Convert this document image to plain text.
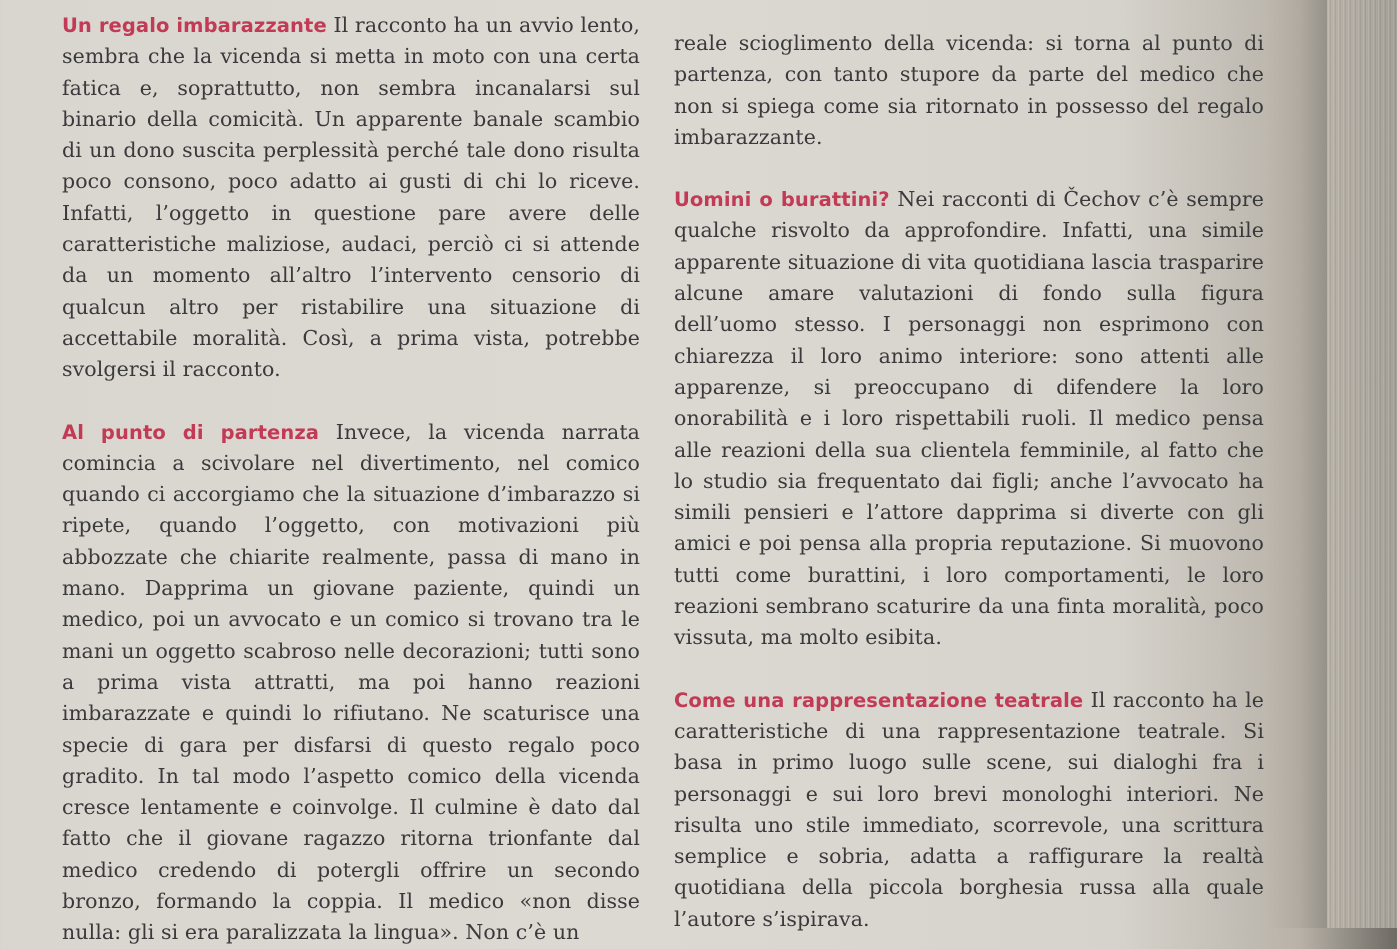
Un regalo imbarazzante Il racconto ha un avvio lento, sembra che la vicenda si metta in moto con una certa fatica e, soprattutto, non sembra incanalarsi sul binario della comicità. Un apparente banale scambio di un dono suscita perplessità perché tale dono risulta poco consono, poco adatto ai gusti di chi lo riceve. Infatti, l’oggetto in questione pare avere delle caratteristiche maliziose, audaci, perciò ci si attende da un momento all’altro l’intervento censorio di qualcun altro per ristabilire una situazione di accettabile moralità. Così, a prima vista, potrebbe svolgersi il racconto.

Al punto di partenza Invece, la vicenda narrata comincia a scivolare nel divertimento, nel comico quando ci accorgiamo che la situazione d’imbarazzo si ripete, quando l’oggetto, con motivazioni più abbozzate che chiarite realmente, passa di mano in mano. Dapprima un giovane paziente, quindi un medico, poi un avvocato e un comico si trovano tra le mani un oggetto scabroso nelle decorazioni; tutti sono a prima vista attratti, ma poi hanno reazioni imbarazzate e quindi lo rifiutano. Ne scaturisce una specie di gara per disfarsi di questo regalo poco gradito. In tal modo l’aspetto comico della vicenda cresce lentamente e coinvolge. Il culmine è dato dal fatto che il giovane ragazzo ritorna trionfante dal medico credendo di potergli offrire un secondo bronzo, formando la coppia. Il medico «non disse nulla: gli si era paralizzata la lingua». Non c’è un

reale scioglimento della vicenda: si torna al punto di partenza, con tanto stupore da parte del medico che non si spiega come sia ritornato in possesso del regalo imbarazzante.

Uomini o burattini? Nei racconti di Čechov c’è sempre qualche risvolto da approfondire. Infatti, una simile apparente situazione di vita quotidiana lascia trasparire alcune amare valutazioni di fondo sulla figura dell’uomo stesso. I personaggi non esprimono con chiarezza il loro animo interiore: sono attenti alle apparenze, si preoccupano di difendere la loro onorabilità e i loro rispettabili ruoli. Il medico pensa alle reazioni della sua clientela femminile, al fatto che lo studio sia frequentato dai figli; anche l’avvocato ha simili pensieri e l’attore dapprima si diverte con gli amici e poi pensa alla propria reputazione. Si muovono tutti come burattini, i loro comportamenti, le loro reazioni sembrano scaturire da una finta moralità, poco vissuta, ma molto esibita.

Come una rappresentazione teatrale Il racconto ha le caratteristiche di una rappresentazione teatrale. Si basa in primo luogo sulle scene, sui dialoghi fra i personaggi e sui loro brevi monologhi interiori. Ne risulta uno stile immediato, scorrevole, una scrittura semplice e sobria, adatta a raffigurare la realtà quotidiana della piccola borghesia russa alla quale l’autore s’ispirava.
